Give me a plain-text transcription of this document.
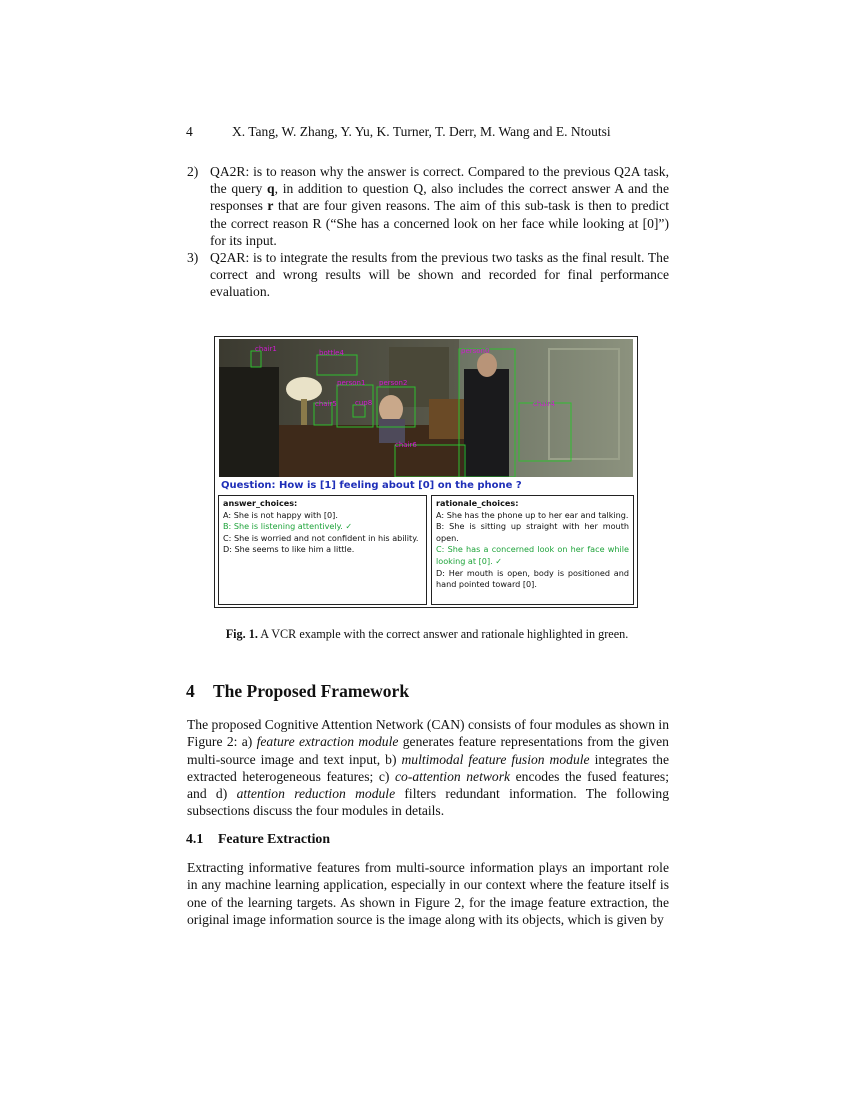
4	X. Tang, W. Zhang, Y. Yu, K. Turner, T. Derr, M. Wang and E. Ntoutsi
2) QA2R: is to reason why the answer is correct. Compared to the previous Q2A task, the query q, in addition to question Q, also includes the correct answer A and the responses r that are four given reasons. The aim of this sub-task is then to predict the correct reason R (“She has a concerned look on her face while looking at [0]”) for its input.
3) Q2AR: is to integrate the results from the previous two tasks as the final result. The correct and wrong results will be shown and recorded for final performance evaluation.
chair1	bottle4	person0
person1 person2
chair5	cup8	chair4
chair6
Question: How is [1] feeling about [0] on the phone ?
answer_choices:
A: She is not happy with [0].
B: She is listening attentively. ✓
C: She is worried and not confident in his ability.
D: She seems to like him a little.
rationale_choices:
A: She has the phone up to her ear and talking.
B: She is sitting up straight with her mouth open.
C: She has a concerned look on her face while looking at [0]. ✓
D: Her mouth is open, body is positioned and hand pointed toward [0].
Fig. 1. A VCR example with the correct answer and rationale highlighted in green.
4 The Proposed Framework
The proposed Cognitive Attention Network (CAN) consists of four modules as shown in Figure 2: a) feature extraction module generates feature representations from the given multi-source image and text input, b) multimodal feature fusion module integrates the extracted heterogeneous features; c) co-attention network encodes the fused features; and d) attention reduction module filters redundant information. The following subsections discuss the four modules in details.
4.1 Feature Extraction
Extracting informative features from multi-source information plays an important role in any machine learning application, especially in our context where the feature itself is one of the learning targets. As shown in Figure 2, for the image feature extraction, the original image information source is the image along with its objects, which is given by
